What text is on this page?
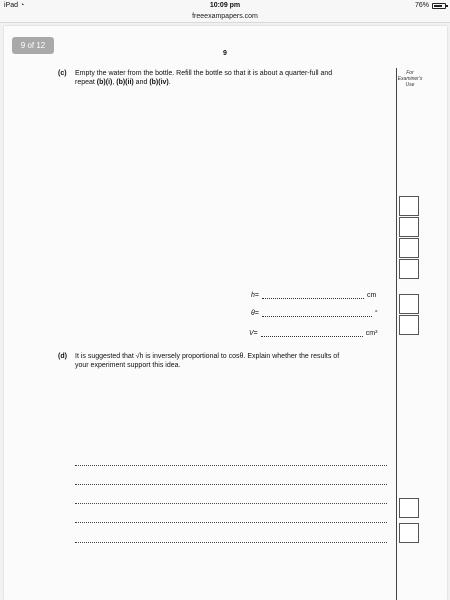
iPad ◔	10:09 pm	76%
freeexampapers.com
9 of 12
9
For Examiner's Use
(c) Empty the water from the bottle. Refill the bottle so that it is about a quarter-full and
repeat (b)(i), (b)(ii) and (b)(iv).
h =	cm
θ =	°
V =	cm³
(d) It is suggested that √h is inversely proportional to cosθ. Explain whether the results of
your experiment support this idea.
